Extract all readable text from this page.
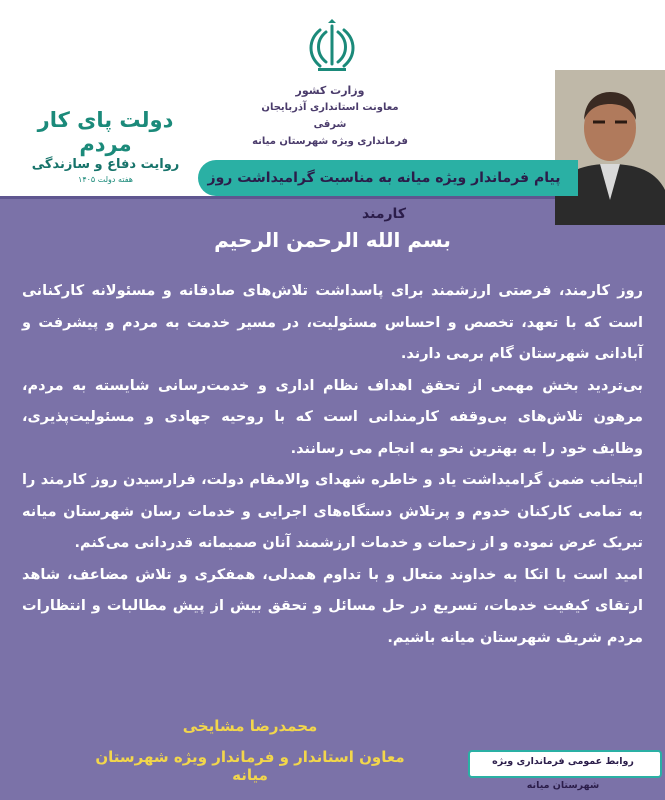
وزارت کشور
معاونت استانداری آذربایجان شرقی
فرمانداری ویژه شهرستان میانه
دولت پای کار مردم
روایت دفاع و سازندگی
هفته دولت ۱۴۰۵	پیام فرماندار ویژه میانه به مناسبت گرامیداشت روز کارمند
بسم الله الرحمن الرحیم

روز کارمند، فرصتی ارزشمند برای پاسداشت تلاش‌های صادقانه و مسئولانه کارکنانی است که با تعهد، تخصص و احساس مسئولیت، در مسیر خدمت به مردم و پیشرفت و آبادانی شهرستان گام برمی دارند.

بی‌تردید بخش مهمی از تحقق اهداف نظام اداری و خدمت‌رسانی شایسته به مردم، مرهون تلاش‌های بی‌وقفه کارمندانی است که با روحیه جهادی و مسئولیت‌پذیری، وظایف خود را به بهترین نحو به انجام می رسانند.

اینجانب ضمن گرامیداشت یاد و خاطره شهدای والامقام دولت، فرارسیدن روز کارمند را به تمامی کارکنان خدوم و پرتلاش دستگاه‌های اجرایی و خدمات رسان شهرستان میانه تبریک عرض نموده و از زحمات و خدمات ارزشمند آنان صمیمانه قدردانی می‌کنم.

امید است با اتکا به خداوند متعال و با تداوم همدلی، همفکری و تلاش مضاعف، شاهد ارتقای کیفیت خدمات، تسریع در حل مسائل و تحقق بیش از پیش مطالبات و انتظارات مردم شریف شهرستان میانه باشیم.

محمدرضا مشایخی
معاون استاندار و فرماندار ویژه شهرستان میانه
روابط عمومی فرمانداری ویژه شهرستان میانه
